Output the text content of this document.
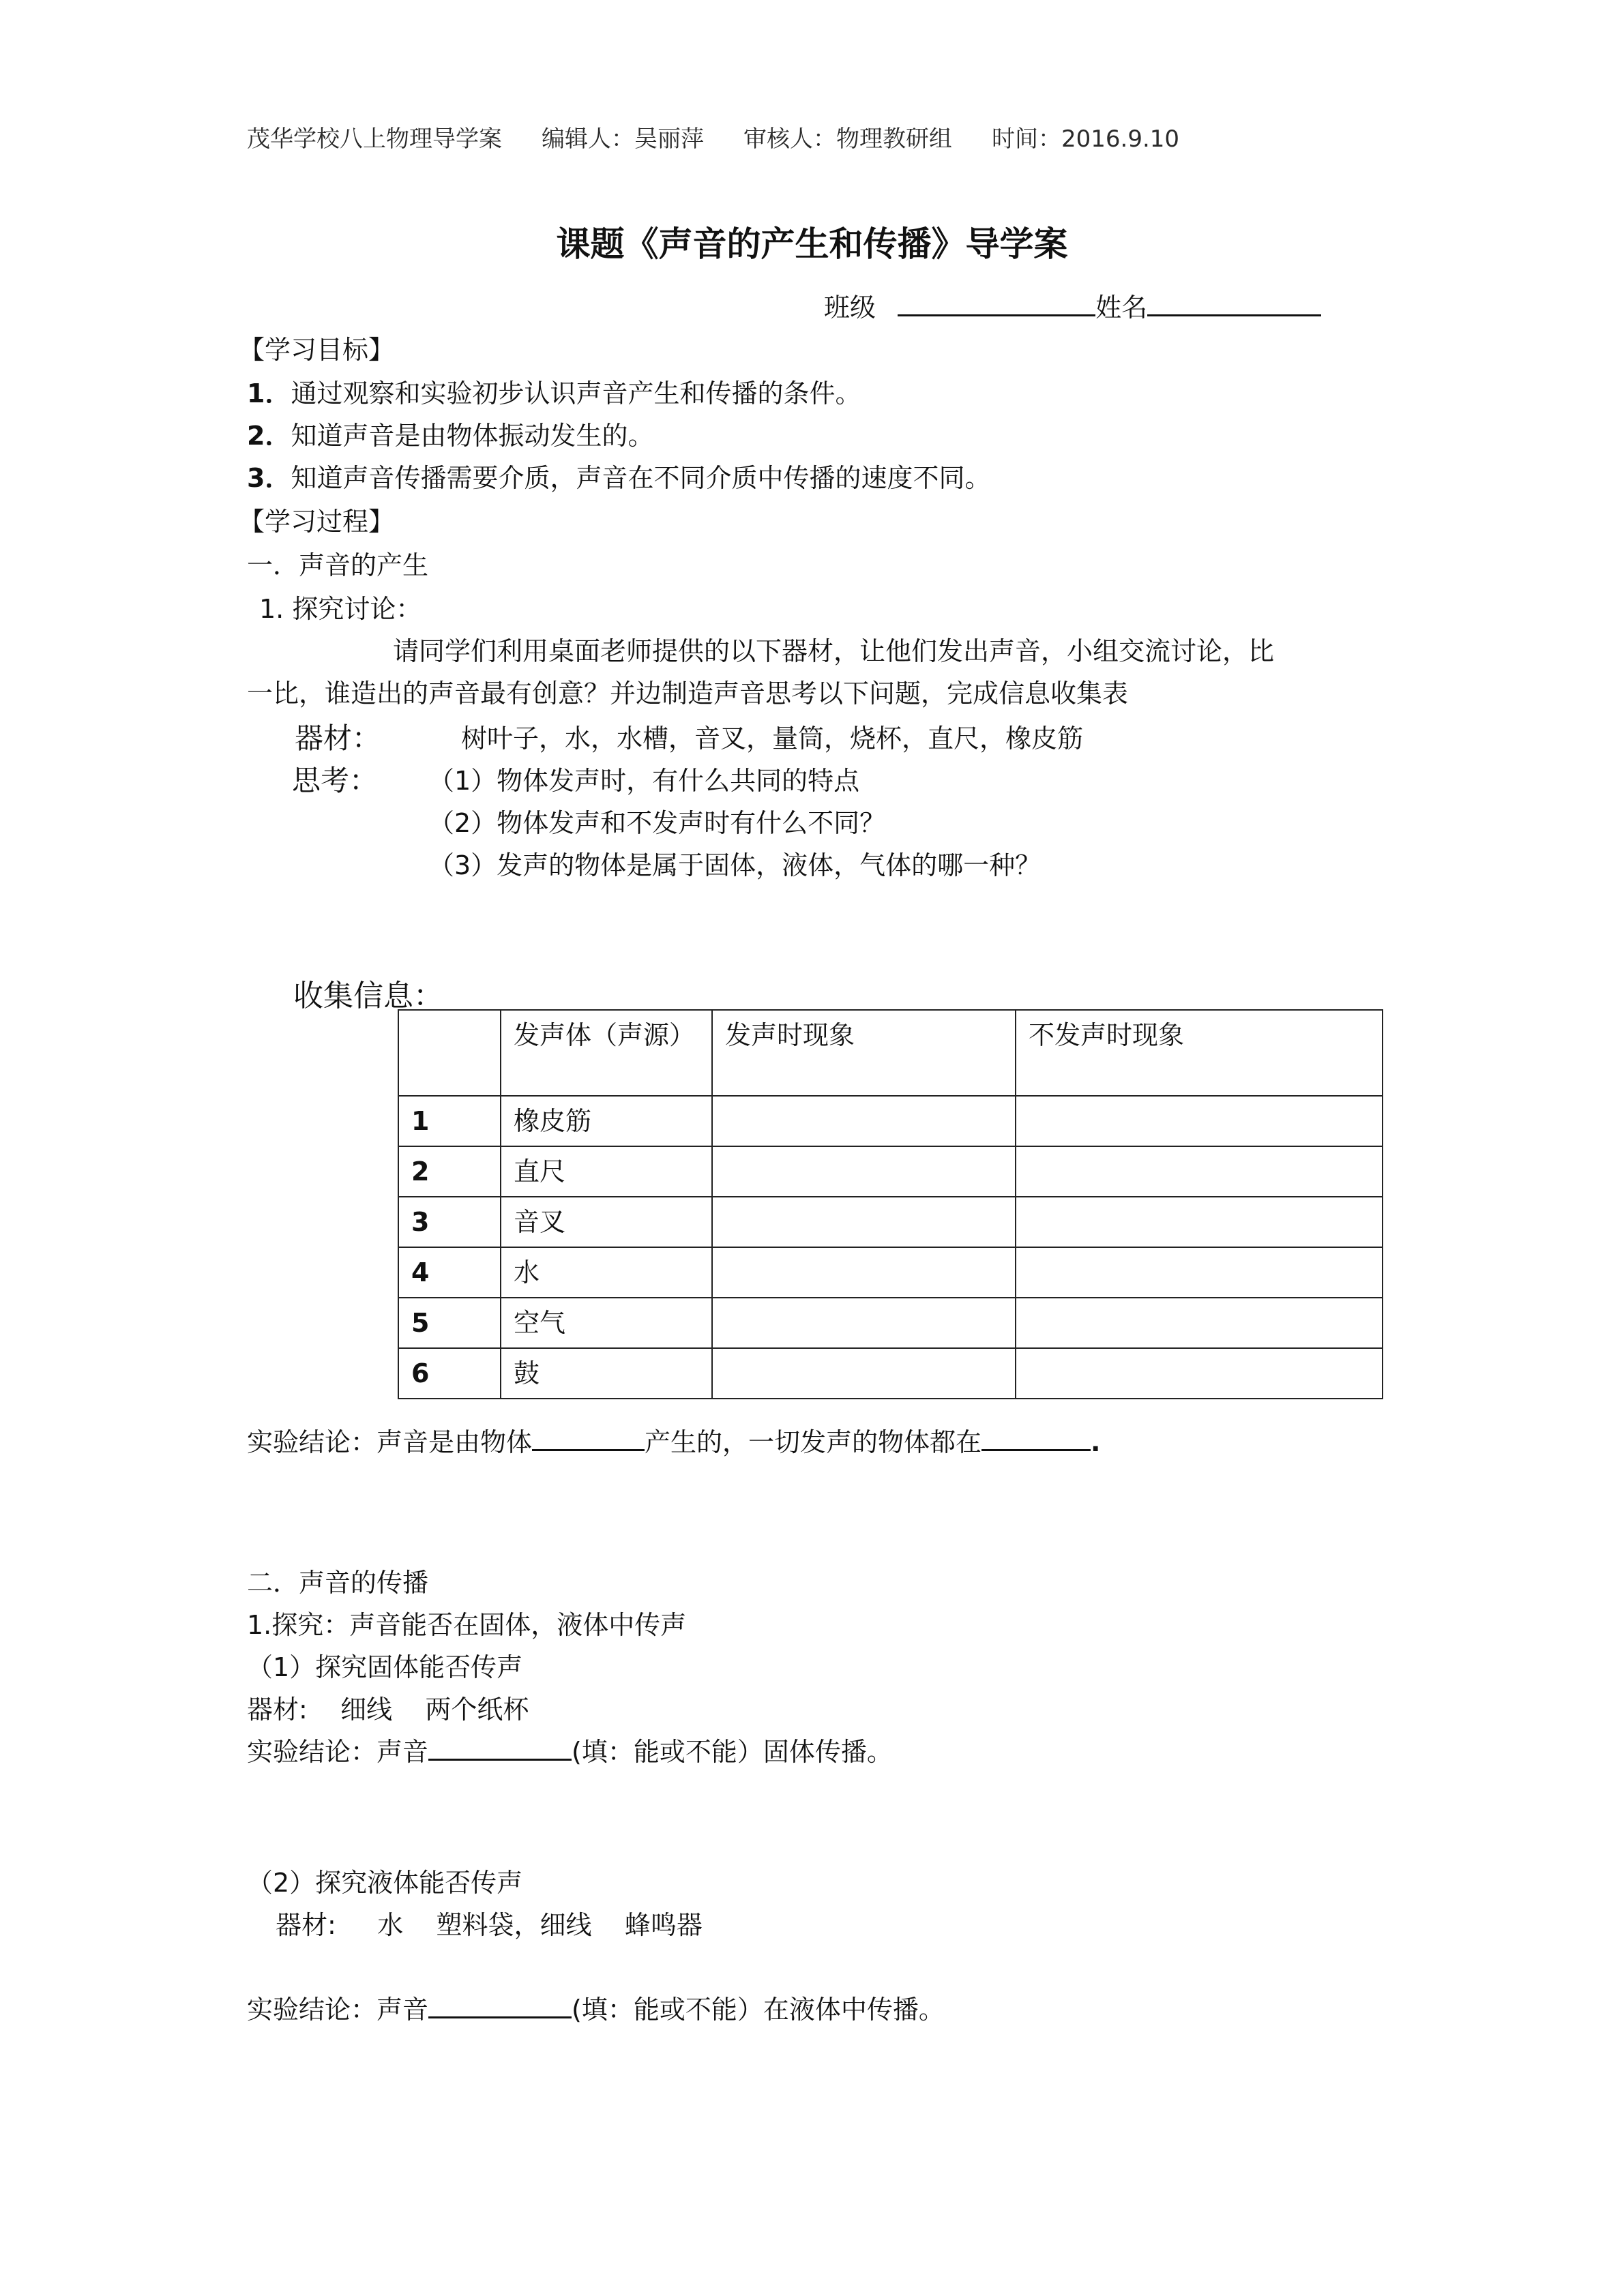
茂华学校八上物理导学案 编辑人：吴丽萍 审核人：物理教研组 时间：2016.9.10
课题《声音的产生和传播》导学案
班级	姓名
【学习目标】
1．通过观察和实验初步认识声音产生和传播的条件。
2．知道声音是由物体振动发生的。
3．知道声音传播需要介质，声音在不同介质中传播的速度不同。
【学习过程】
一．声音的产生
1. 探究讨论：
请同学们利用桌面老师提供的以下器材，让他们发出声音，小组交流讨论，比
一比，谁造出的声音最有创意？并边制造声音思考以下问题，完成信息收集表
器材：	树叶子，水，水槽，音叉，量筒，烧杯，直尺，橡皮筋
思考： （1）物体发声时，有什么共同的特点
（2）物体发声和不发声时有什么不同？
（3）发声的物体是属于固体，液体，气体的哪一种？
收集信息：
	发声体（声源）	发声时现象	不发声时现象
1	橡皮筋		
2	直尺		
3	音叉		
4	水		
5	空气		
6	鼓		
实验结论：声音是由物体	产生的，一切发声的物体都在	.
二．声音的传播
1.探究：声音能否在固体，液体中传声
（1）探究固体能否传声
器材:    细线    两个纸杯
实验结论：声音	(填：能或不能）固体传播。
（2）探究液体能否传声
器材:     水    塑料袋，细线    蜂鸣器
实验结论：声音	(填：能或不能）在液体中传播。
